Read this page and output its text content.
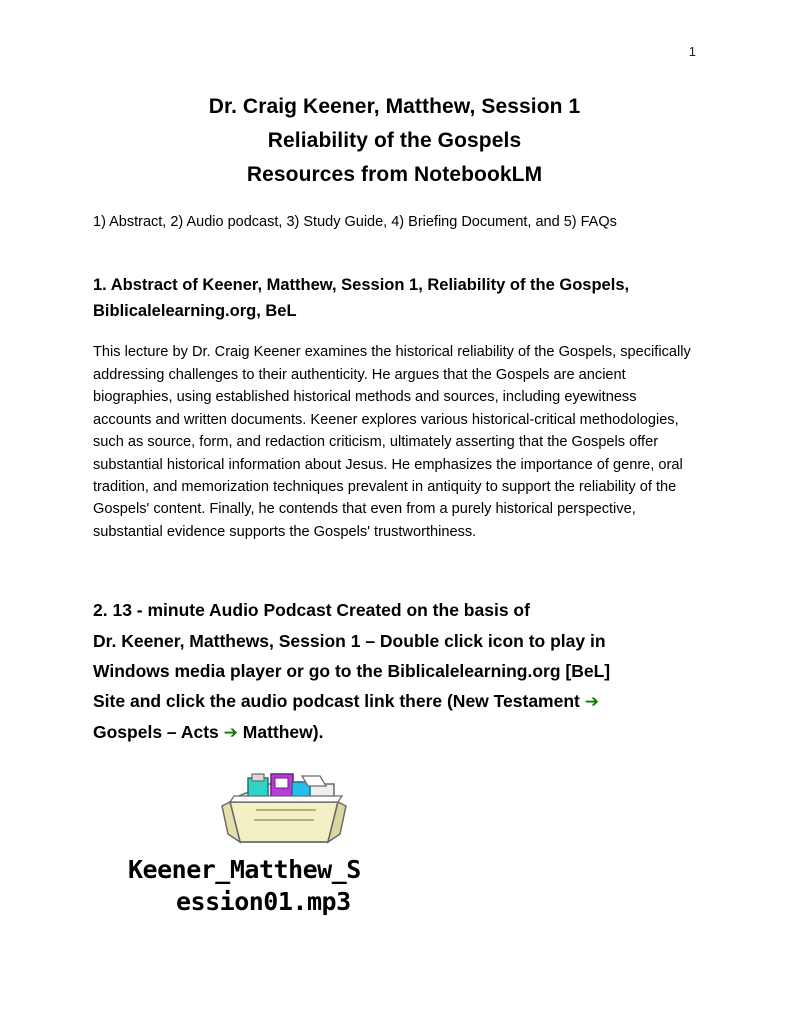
1
Dr. Craig Keener, Matthew, Session 1
Reliability of the Gospels
Resources from NotebookLM
1) Abstract, 2) Audio podcast, 3) Study Guide, 4) Briefing Document, and 5) FAQs
1. Abstract of Keener, Matthew, Session 1, Reliability of the Gospels,
Biblicalelearning.org, BeL
This lecture by Dr. Craig Keener examines the historical reliability of the Gospels, specifically addressing challenges to their authenticity. He argues that the Gospels are ancient biographies, using established historical methods and sources, including eyewitness accounts and written documents. Keener explores various historical-critical methodologies, such as source, form, and redaction criticism, ultimately asserting that the Gospels offer substantial historical information about Jesus. He emphasizes the importance of genre, oral tradition, and memorization techniques prevalent in antiquity to support the reliability of the Gospels' content. Finally, he contends that even from a purely historical perspective, substantial evidence supports the Gospels' trustworthiness.
2. 13 - minute Audio Podcast Created on the basis of
Dr. Keener, Matthews, Session 1 – Double click icon to play in
Windows media player or go to the Biblicalelearning.org [BeL]
Site and click the audio podcast link there (New Testament ➔
Gospels – Acts ➔ Matthew).
Keener_Matthew_S
ession01.mp3
